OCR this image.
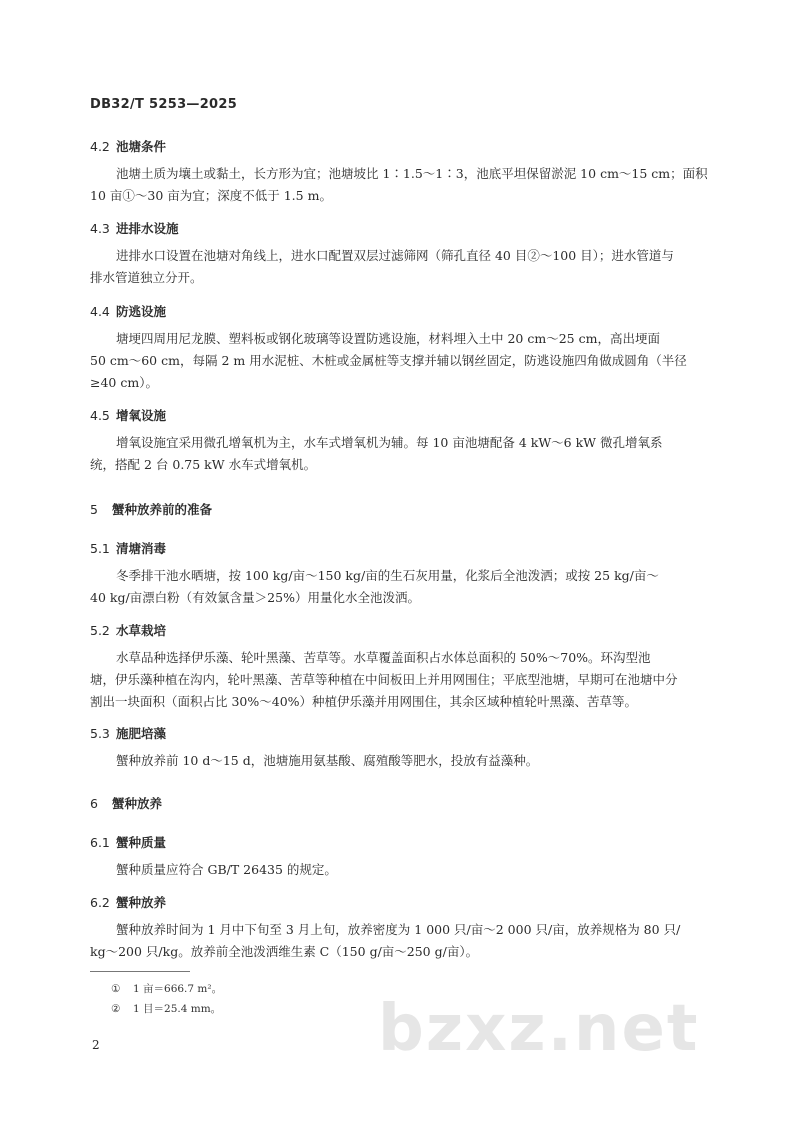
DB32/T 5253—2025
4.2 池塘条件
池塘土质为壤土或黏土，长方形为宜；池塘坡比 1∶1.5～1∶3，池底平坦保留淤泥 10 cm～15 cm；面积
10 亩①～30 亩为宜；深度不低于 1.5 m。
4.3 进排水设施
进排水口设置在池塘对角线上，进水口配置双层过滤筛网（筛孔直径 40 目②～100 目）；进水管道与
排水管道独立分开。
4.4 防逃设施
塘埂四周用尼龙膜、塑料板或钢化玻璃等设置防逃设施，材料埋入土中 20 cm～25 cm，高出埂面
50 cm～60 cm，每隔 2 m 用水泥桩、木桩或金属桩等支撑并辅以钢丝固定，防逃设施四角做成圆角（半径
≥40 cm）。
4.5 增氧设施
增氧设施宜采用微孔增氧机为主，水车式增氧机为辅。每 10 亩池塘配备 4 kW～6 kW 微孔增氧系
统，搭配 2 台 0.75 kW 水车式增氧机。
5 蟹种放养前的准备
5.1 清塘消毒
冬季排干池水晒塘，按 100 kg/亩～150 kg/亩的生石灰用量，化浆后全池泼洒；或按 25 kg/亩～
40 kg/亩漂白粉（有效氯含量＞25%）用量化水全池泼洒。
5.2 水草栽培
水草品种选择伊乐藻、轮叶黑藻、苦草等。水草覆盖面积占水体总面积的 50%～70%。环沟型池
塘，伊乐藻种植在沟内，轮叶黑藻、苦草等种植在中间板田上并用网围住；平底型池塘，早期可在池塘中分
割出一块面积（面积占比 30%～40%）种植伊乐藻并用网围住，其余区域种植轮叶黑藻、苦草等。
5.3 施肥培藻
蟹种放养前 10 d～15 d，池塘施用氨基酸、腐殖酸等肥水，投放有益藻种。
6 蟹种放养
6.1 蟹种质量
蟹种质量应符合 GB/T 26435 的规定。
6.2 蟹种放养
蟹种放养时间为 1 月中下旬至 3 月上旬，放养密度为 1 000 只/亩～2 000 只/亩，放养规格为 80 只/
kg～200 只/kg。放养前全池泼洒维生素 C（150 g/亩～250 g/亩）。
① 1 亩＝666.7 m²。
② 1 目＝25.4 mm。 bzxz.net
2
